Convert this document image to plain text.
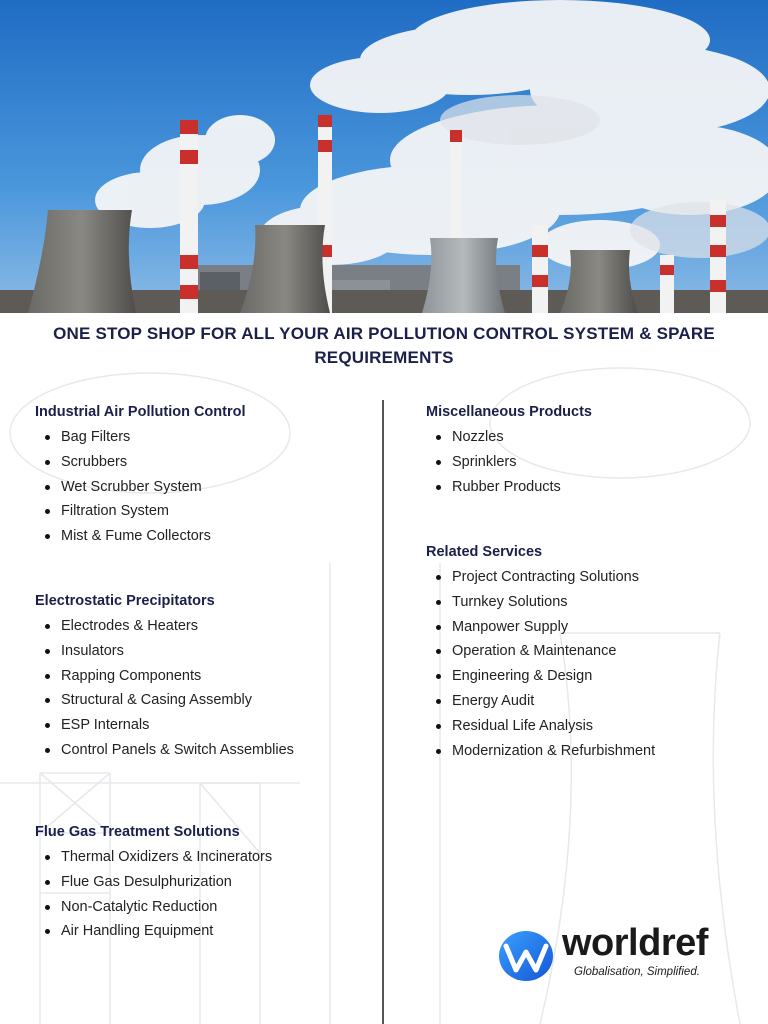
ONE STOP SHOP FOR ALL YOUR AIR POLLUTION CONTROL SYSTEM & SPARE REQUIREMENTS
Industrial Air Pollution Control
Bag Filters
Scrubbers
Wet Scrubber System
Filtration System
Mist & Fume Collectors
Electrostatic Precipitators
Electrodes & Heaters
Insulators
Rapping Components
Structural & Casing Assembly
ESP Internals
Control Panels & Switch Assemblies
Flue Gas Treatment Solutions
Thermal Oxidizers & Incinerators
Flue Gas Desulphurization
Non-Catalytic Reduction
Air Handling Equipment
Miscellaneous Products
Nozzles
Sprinklers
Rubber Products
Related Services
Project Contracting Solutions
Turnkey Solutions
Manpower Supply
Operation & Maintenance
Engineering & Design
Energy Audit
Residual Life Analysis
Modernization & Refurbishment
worldref
Globalisation, Simplified.
